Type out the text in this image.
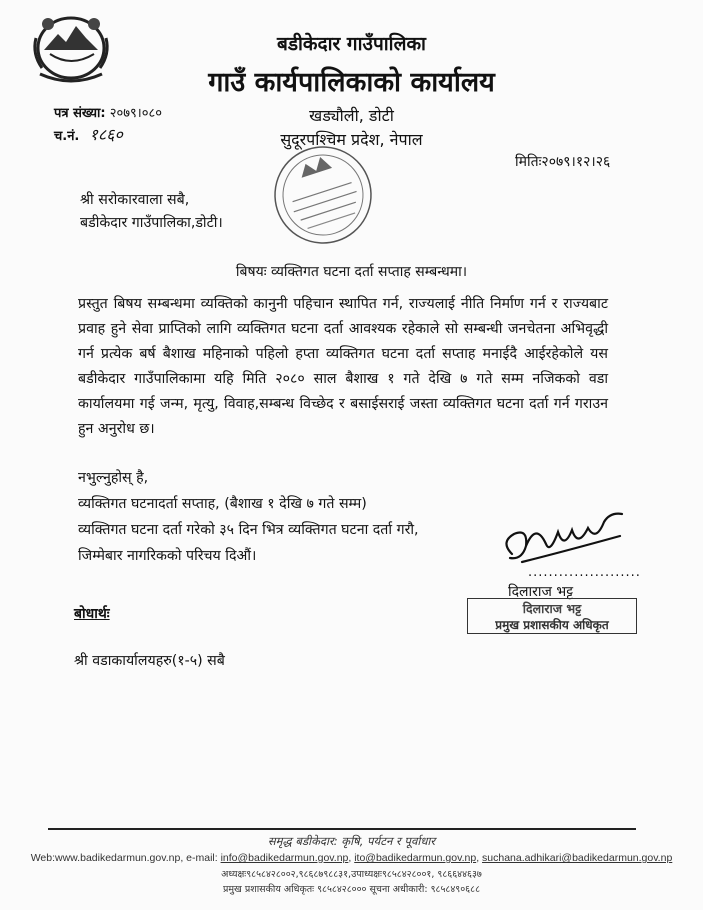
बडीकेदार गाउँपालिका
गाउँ कार्यपालिकाको कार्यालय
पत्र संख्या: २०७९।०८०
च.नं. १८६०
खड्यौली, डोटी
सुदूरपश्चिम प्रदेश, नेपाल
मितिः२०७९।१२।२६
श्री सरोकारवाला सबै,
बडीकेदार गाउँपालिका,डोटी।
बिषयः व्यक्तिगत घटना दर्ता सप्ताह सम्बन्धमा।
प्रस्तुत बिषय सम्बन्धमा व्यक्तिको कानुनी पहिचान स्थापित गर्न, राज्यलाई नीति निर्माण गर्न र राज्यबाट प्रवाह हुने सेवा प्राप्तिको लागि व्यक्तिगत घटना दर्ता आवश्यक रहेकाले सो सम्बन्धी जनचेतना अभिवृद्धी गर्न प्रत्येक बर्ष बैशाख महिनाको पहिलो हप्ता व्यक्तिगत घटना दर्ता सप्ताह मनाईदै आईरहेकोले यस बडीकेदार गाउँपालिकामा यहि मिति २०८० साल बैशाख १ गते देखि ७ गते सम्म नजिकको वडा कार्यालयमा गई जन्म, मृत्यु, विवाह,सम्बन्ध विच्छेद र बसाईसराई जस्ता व्यक्तिगत घटना दर्ता गर्न गराउन हुन अनुरोध छ।
नभुल्नुहोस् है,
व्यक्तिगत घटनादर्ता सप्ताह, (बैशाख १ देखि ७ गते सम्म)
व्यक्तिगत घटना दर्ता गरेको ३५ दिन भित्र व्यक्तिगत घटना दर्ता गरौ,
जिम्मेबार नागरिकको परिचय दिऔं।
......................
दिलाराज भट्ट
दिलाराज भट्ट
प्रमुख प्रशासकीय अधिकृत
बोधार्थः
श्री वडाकार्यालयहरु(१-५) सबै
समृद्ध बडीकेदार: कृषि, पर्यटन र पूर्वाधार
Web:www.badikedarmun.gov.np, e-mail: info@badikedarmun.gov.np, ito@badikedarmun.gov.np, suchana.adhikari@badikedarmun.gov.np
अध्यक्षः९८५८४२८००२,९८६८७९८८३१,उपाध्यक्षः९८५८४२८००१, ९८६६४४६३७
प्रमुख प्रशासकीय अधिकृतः ९८५८४२८००० सूचना अधीकारी: ९८५८४९०६८८
